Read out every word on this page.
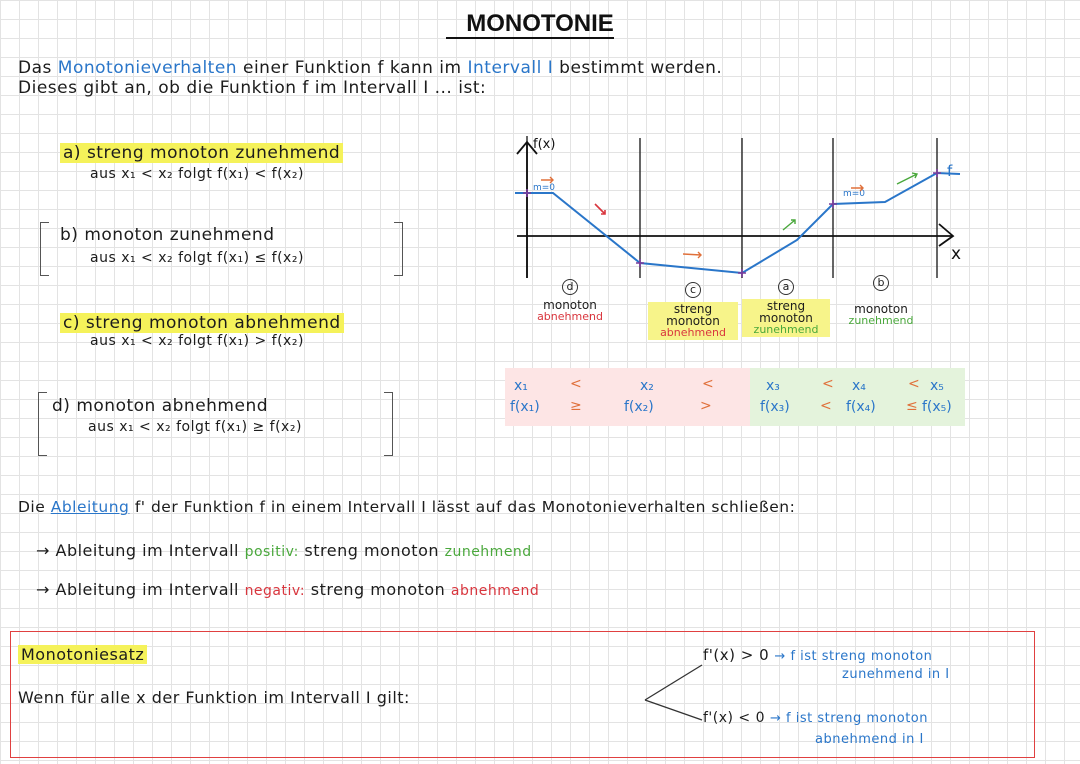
MONOTONIE
Das Monotonieverhalten einer Funktion f kann im Intervall I bestimmt werden.
Dieses gibt an, ob die Funktion f im Intervall I ... ist:
a) streng monoton zunehmend
aus x₁ < x₂ folgt f(x₁) < f(x₂)
b) monoton zunehmend
aus x₁ < x₂ folgt f(x₁) ≤ f(x₂)
c) streng monoton abnehmend
aus x₁ < x₂ folgt f(x₁) > f(x₂)
d) monoton abnehmend
aus x₁ < x₂ folgt f(x₁) ≥ f(x₂)
f(x)
x
f
m=0
m=0
d
monoton
abnehmend
c
streng
monoton
abnehmend
a
streng
monoton
zunehmend
b
monoton
zunehmend
x₁	<	x₂	<	x₃	< x₄	< x₅
f(x₁) ≥	f(x₂)	>	f(x₃) < f(x₄) ≤ f(x₅)
Die Ableitung f' der Funktion f in einem Intervall I lässt auf das Monotonieverhalten schließen:
→ Ableitung im Intervall positiv: streng monoton zunehmend
→ Ableitung im Intervall negativ: streng monoton abnehmend
Monotoniesatz
Wenn für alle x der Funktion im Intervall I gilt:
f'(x) > 0 → f ist streng monoton
zunehmend in I
f'(x) < 0 → f ist streng monoton
abnehmend in I
